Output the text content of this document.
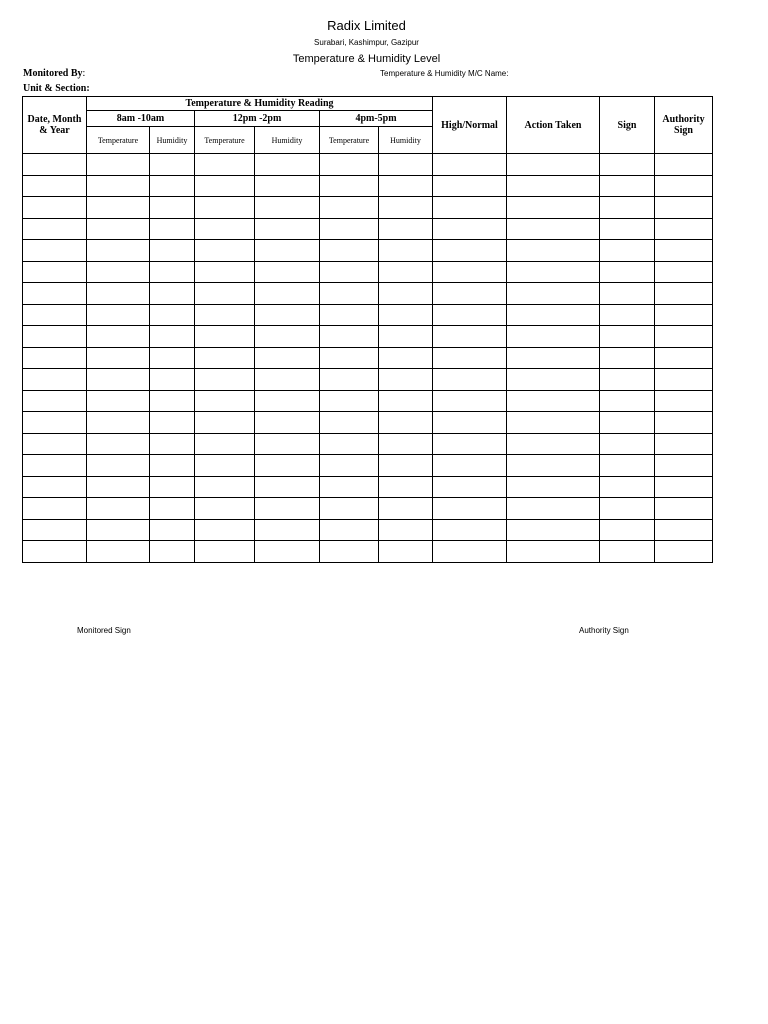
Radix Limited
Surabari, Kashimpur, Gazipur
Temperature & Humidity Level
Monitored By:	Temperature & Humidity M/C Name:
Unit & Section:
Date, Month & Year	Temperature & Humidity Reading						High/Normal	Action Taken	Sign	Authority Sign
	8am -10am		12pm -2pm		4pm-5pm					
	Temperature	Humidity	Temperature	Humidity	Temperature	Humidity				

Monitored Sign	Authority Sign
